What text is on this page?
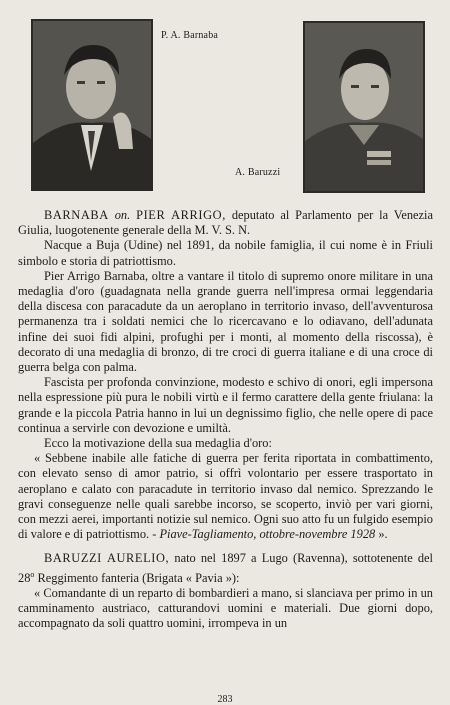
P. A. Barnaba
A. Baruzzi

BARNABA on. PIER ARRIGO, deputato al Parlamento per la Venezia Giulia, luogotenente generale della M. V. S. N.

Nacque a Buja (Udine) nel 1891, da nobile famiglia, il cui nome è in Friuli simbolo e storia di patriottismo.

Pier Arrigo Barnaba, oltre a vantare il titolo di supremo onore militare in una medaglia d'oro (guadagnata nella grande guerra nell'impresa ormai leggendaria della discesa con paracadute da un aeroplano in territorio invaso, dell'avventurosa permanenza tra i soldati nemici che lo ricercavano e lo odiavano, dell'adunata infine dei suoi fidi alpini, profughi per i monti, al momento della riscossa), è decorato di una medaglia di bronzo, di tre croci di guerra italiane e di una croce di guerra belga con palma.

Fascista per profonda convinzione, modesto e schivo di onori, egli impersona nella espressione più pura le nobili virtù e il fermo carattere della gente friulana: la grande e la piccola Patria hanno in lui un degnissimo figlio, che nelle opere di pace continua a servirle con devozione e umiltà.

Ecco la motivazione della sua medaglia d'oro:

« Sebbene inabile alle fatiche di guerra per ferita riportata in combattimento, con elevato senso di amor patrio, si offrì volontario per essere trasportato in aeroplano e calato con paracadute in territorio invaso dal nemico. Sprezzando le gravi conseguenze nelle quali sarebbe incorso, se scoperto, inviò per vari giorni, con mezzi aerei, importanti notizie sul nemico. Ogni suo atto fu un fulgido esempio di valore e di patriottismo. - Piave-Tagliamento, ottobre-novembre 1928 ».

BARUZZI AURELIO, nato nel 1897 a Lugo (Ravenna), sottotenente del 28$^o$ Reggimento fanteria (Brigata « Pavia »):

« Comandante di un reparto di bombardieri a mano, si slanciava per primo in un camminamento austriaco, catturandovi uomini e materiali. Due giorni dopo, accompagnato da soli quattro uomini, irrompeva in un

283
